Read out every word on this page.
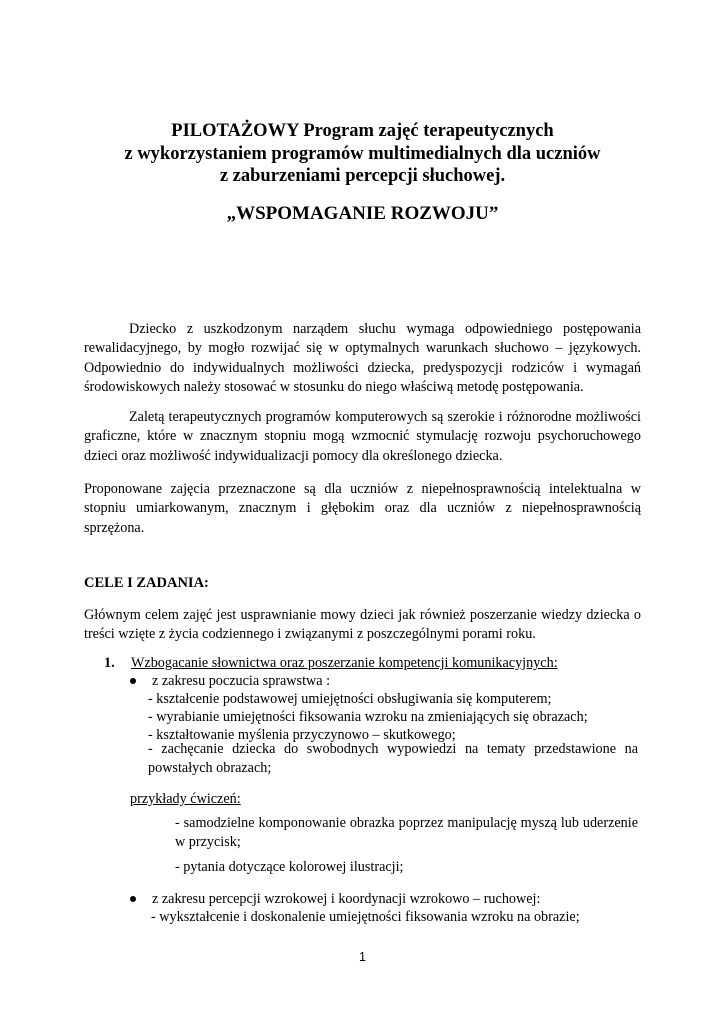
PILOTAŻOWY Program zajęć terapeutycznych
z wykorzystaniem programów multimedialnych dla uczniów
z zaburzeniami percepcji słuchowej.
„WSPOMAGANIE ROZWOJU”
Dziecko z uszkodzonym narządem słuchu wymaga odpowiedniego postępowania rewalidacyjnego, by mogło rozwijać się w optymalnych warunkach słuchowo – językowych. Odpowiednio do indywidualnych możliwości dziecka, predyspozycji rodziców i wymagań środowiskowych należy stosować w stosunku do niego właściwą metodę postępowania.
Zaletą terapeutycznych programów komputerowych są szerokie i różnorodne możliwości graficzne, które w znacznym stopniu mogą wzmocnić stymulację rozwoju psychoruchowego dzieci oraz możliwość indywidualizacji pomocy dla określonego dziecka.
Proponowane zajęcia przeznaczone są dla uczniów z niepełnosprawnością intelektualna w stopniu umiarkowanym, znacznym i głębokim oraz dla uczniów z niepełnosprawnością sprzężona.
CELE I ZADANIA:
Głównym celem zajęć jest usprawnianie mowy dzieci jak również poszerzanie wiedzy dziecka o treści wzięte z życia codziennego i związanymi z poszczególnymi porami roku.
1. Wzbogacanie słownictwa oraz poszerzanie kompetencji komunikacyjnych:
z zakresu poczucia sprawstwa :
- kształcenie podstawowej umiejętności obsługiwania się komputerem;
- wyrabianie umiejętności fiksowania wzroku na zmieniających się obrazach;
- kształtowanie myślenia przyczynowo – skutkowego;
- zachęcanie dziecka do swobodnych wypowiedzi na tematy przedstawione na powstałych obrazach;
przykłady ćwiczeń:
- samodzielne komponowanie obrazka poprzez manipulację myszą lub uderzenie w przycisk;
- pytania dotyczące kolorowej ilustracji;
z zakresu percepcji wzrokowej i koordynacji wzrokowo – ruchowej:
- wykształcenie i doskonalenie umiejętności fiksowania wzroku na obrazie;
1
